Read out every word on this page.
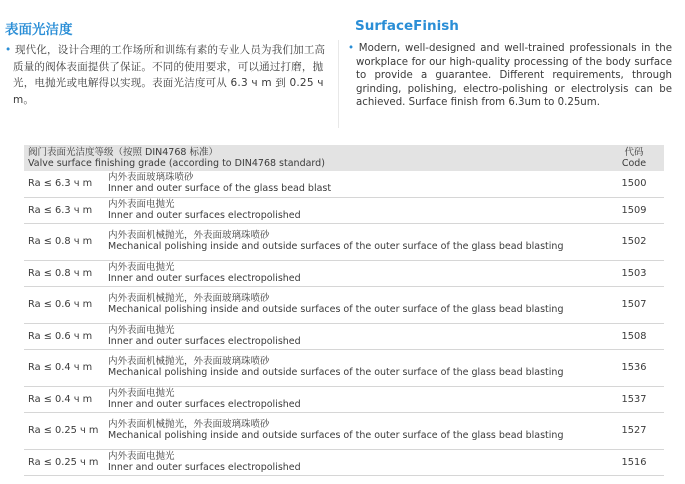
表面光洁度	SurfaceFinish
• 现代化，设计合理的工作场所和训练有素的专业人员为我们加工高质量的阀体表面提供了保证。不同的使用要求，可以通过打磨，抛光，电抛光或电解得以实现。表面光洁度可从 6.3 ч m 到 0.25 ч m。
• Modern, well-designed and well-trained professionals in the workplace for our high-quality processing of the body surface to provide a guarantee. Different requirements, through grinding, polishing, electro-polishing or electrolysis can be achieved. Surface finish from 6.3um to 0.25um.
阀门表面光洁度等级（按照 DIN4768 标准）
Valve surface finishing grade (according to DIN4768 standard)		代码
Code

Ra ≤ 6.3 ч m	内外表面玻璃珠喷砂
Inner and outer surface of the glass bead blast	1500
Ra ≤ 6.3 ч m	内外表面电抛光
Inner and outer surfaces electropolished	1509
Ra ≤ 0.8 ч m	内外表面机械抛光，外表面玻璃珠喷砂
Mechanical polishing inside and outside surfaces of the outer surface of the glass bead blasting	1502
Ra ≤ 0.8 ч m	内外表面电抛光
Inner and outer surfaces electropolished	1503
Ra ≤ 0.6 ч m	内外表面机械抛光，外表面玻璃珠喷砂
Mechanical polishing inside and outside surfaces of the outer surface of the glass bead blasting	1507
Ra ≤ 0.6 ч m	内外表面电抛光
Inner and outer surfaces electropolished	1508
Ra ≤ 0.4 ч m	内外表面机械抛光，外表面玻璃珠喷砂
Mechanical polishing inside and outside surfaces of the outer surface of the glass bead blasting	1536
Ra ≤ 0.4 ч m	内外表面电抛光
Inner and outer surfaces electropolished	1537
Ra ≤ 0.25 ч m	内外表面机械抛光，外表面玻璃珠喷砂
Mechanical polishing inside and outside surfaces of the outer surface of the glass bead blasting	1527
Ra ≤ 0.25 ч m	内外表面电抛光
Inner and outer surfaces electropolished	1516
